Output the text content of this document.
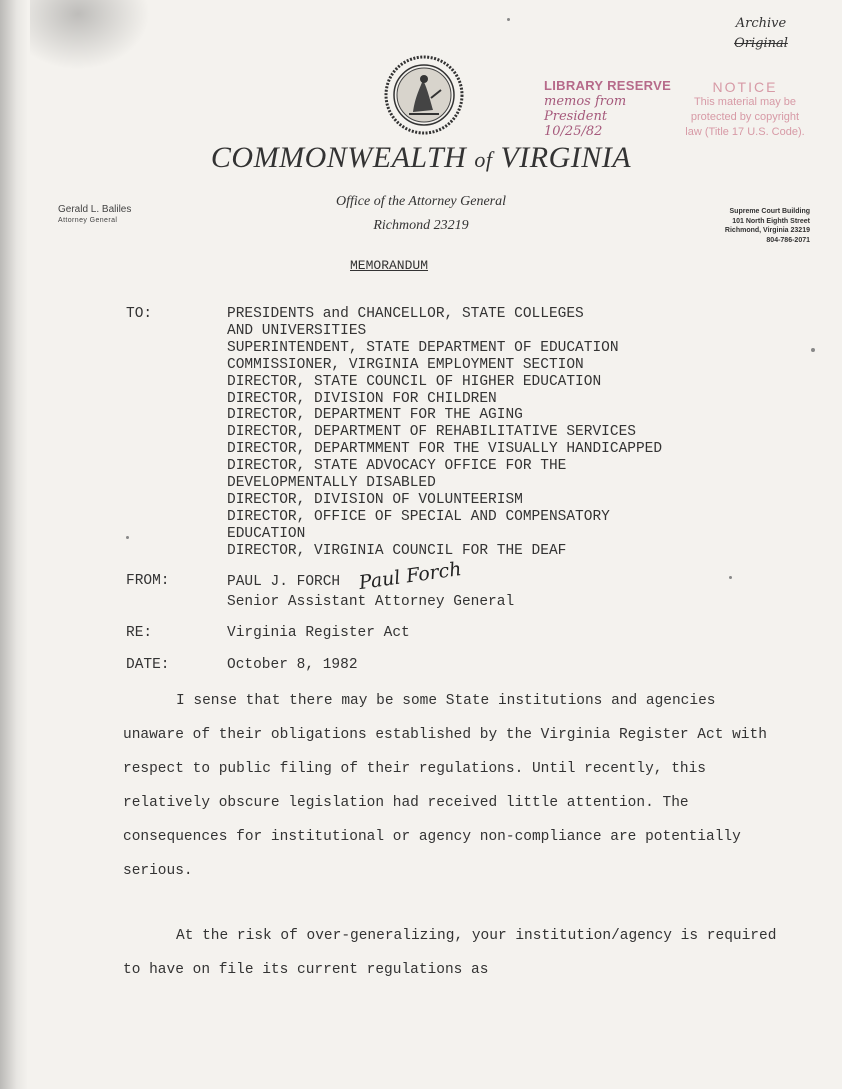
Archive
Original
LIBRARY RESERVE
memos from
President
10/25/82
NOTICE
This material may be
protected by copyright
law (Title 17 U.S. Code).
COMMONWEALTH of VIRGINIA
Office of the Attorney General
Richmond 23219
Gerald L. Baliles
Attorney General
Supreme Court Building
101 North Eighth Street
Richmond, Virginia 23219
804-786-2071
MEMORANDUM
TO:	PRESIDENTS and CHANCELLOR, STATE COLLEGES
AND UNIVERSITIES
SUPERINTENDENT, STATE DEPARTMENT OF EDUCATION
COMMISSIONER, VIRGINIA EMPLOYMENT SECTION
DIRECTOR, STATE COUNCIL OF HIGHER EDUCATION
DIRECTOR, DIVISION FOR CHILDREN
DIRECTOR, DEPARTMENT FOR THE AGING
DIRECTOR, DEPARTMENT OF REHABILITATIVE SERVICES
DIRECTOR, DEPARTMMENT FOR THE VISUALLY HANDICAPPED
DIRECTOR, STATE ADVOCACY OFFICE FOR THE
DEVELOPMENTALLY DISABLED
DIRECTOR, DIVISION OF VOLUNTEERISM
DIRECTOR, OFFICE OF SPECIAL AND COMPENSATORY
EDUCATION
DIRECTOR, VIRGINIA COUNCIL FOR THE DEAF
FROM:	PAUL J. FORCH Paul Forch
Senior Assistant Attorney General
RE:	Virginia Register Act
DATE:	October 8, 1982

I sense that there may be some State institutions and agencies unaware of their obligations established by the Virginia Register Act with respect to public filing of their regulations. Until recently, this relatively obscure legislation had received little attention. The consequences for institutional or agency non-compliance are potentially serious.

At the risk of over-generalizing, your institution/agency is required to have on file its current regulations as
